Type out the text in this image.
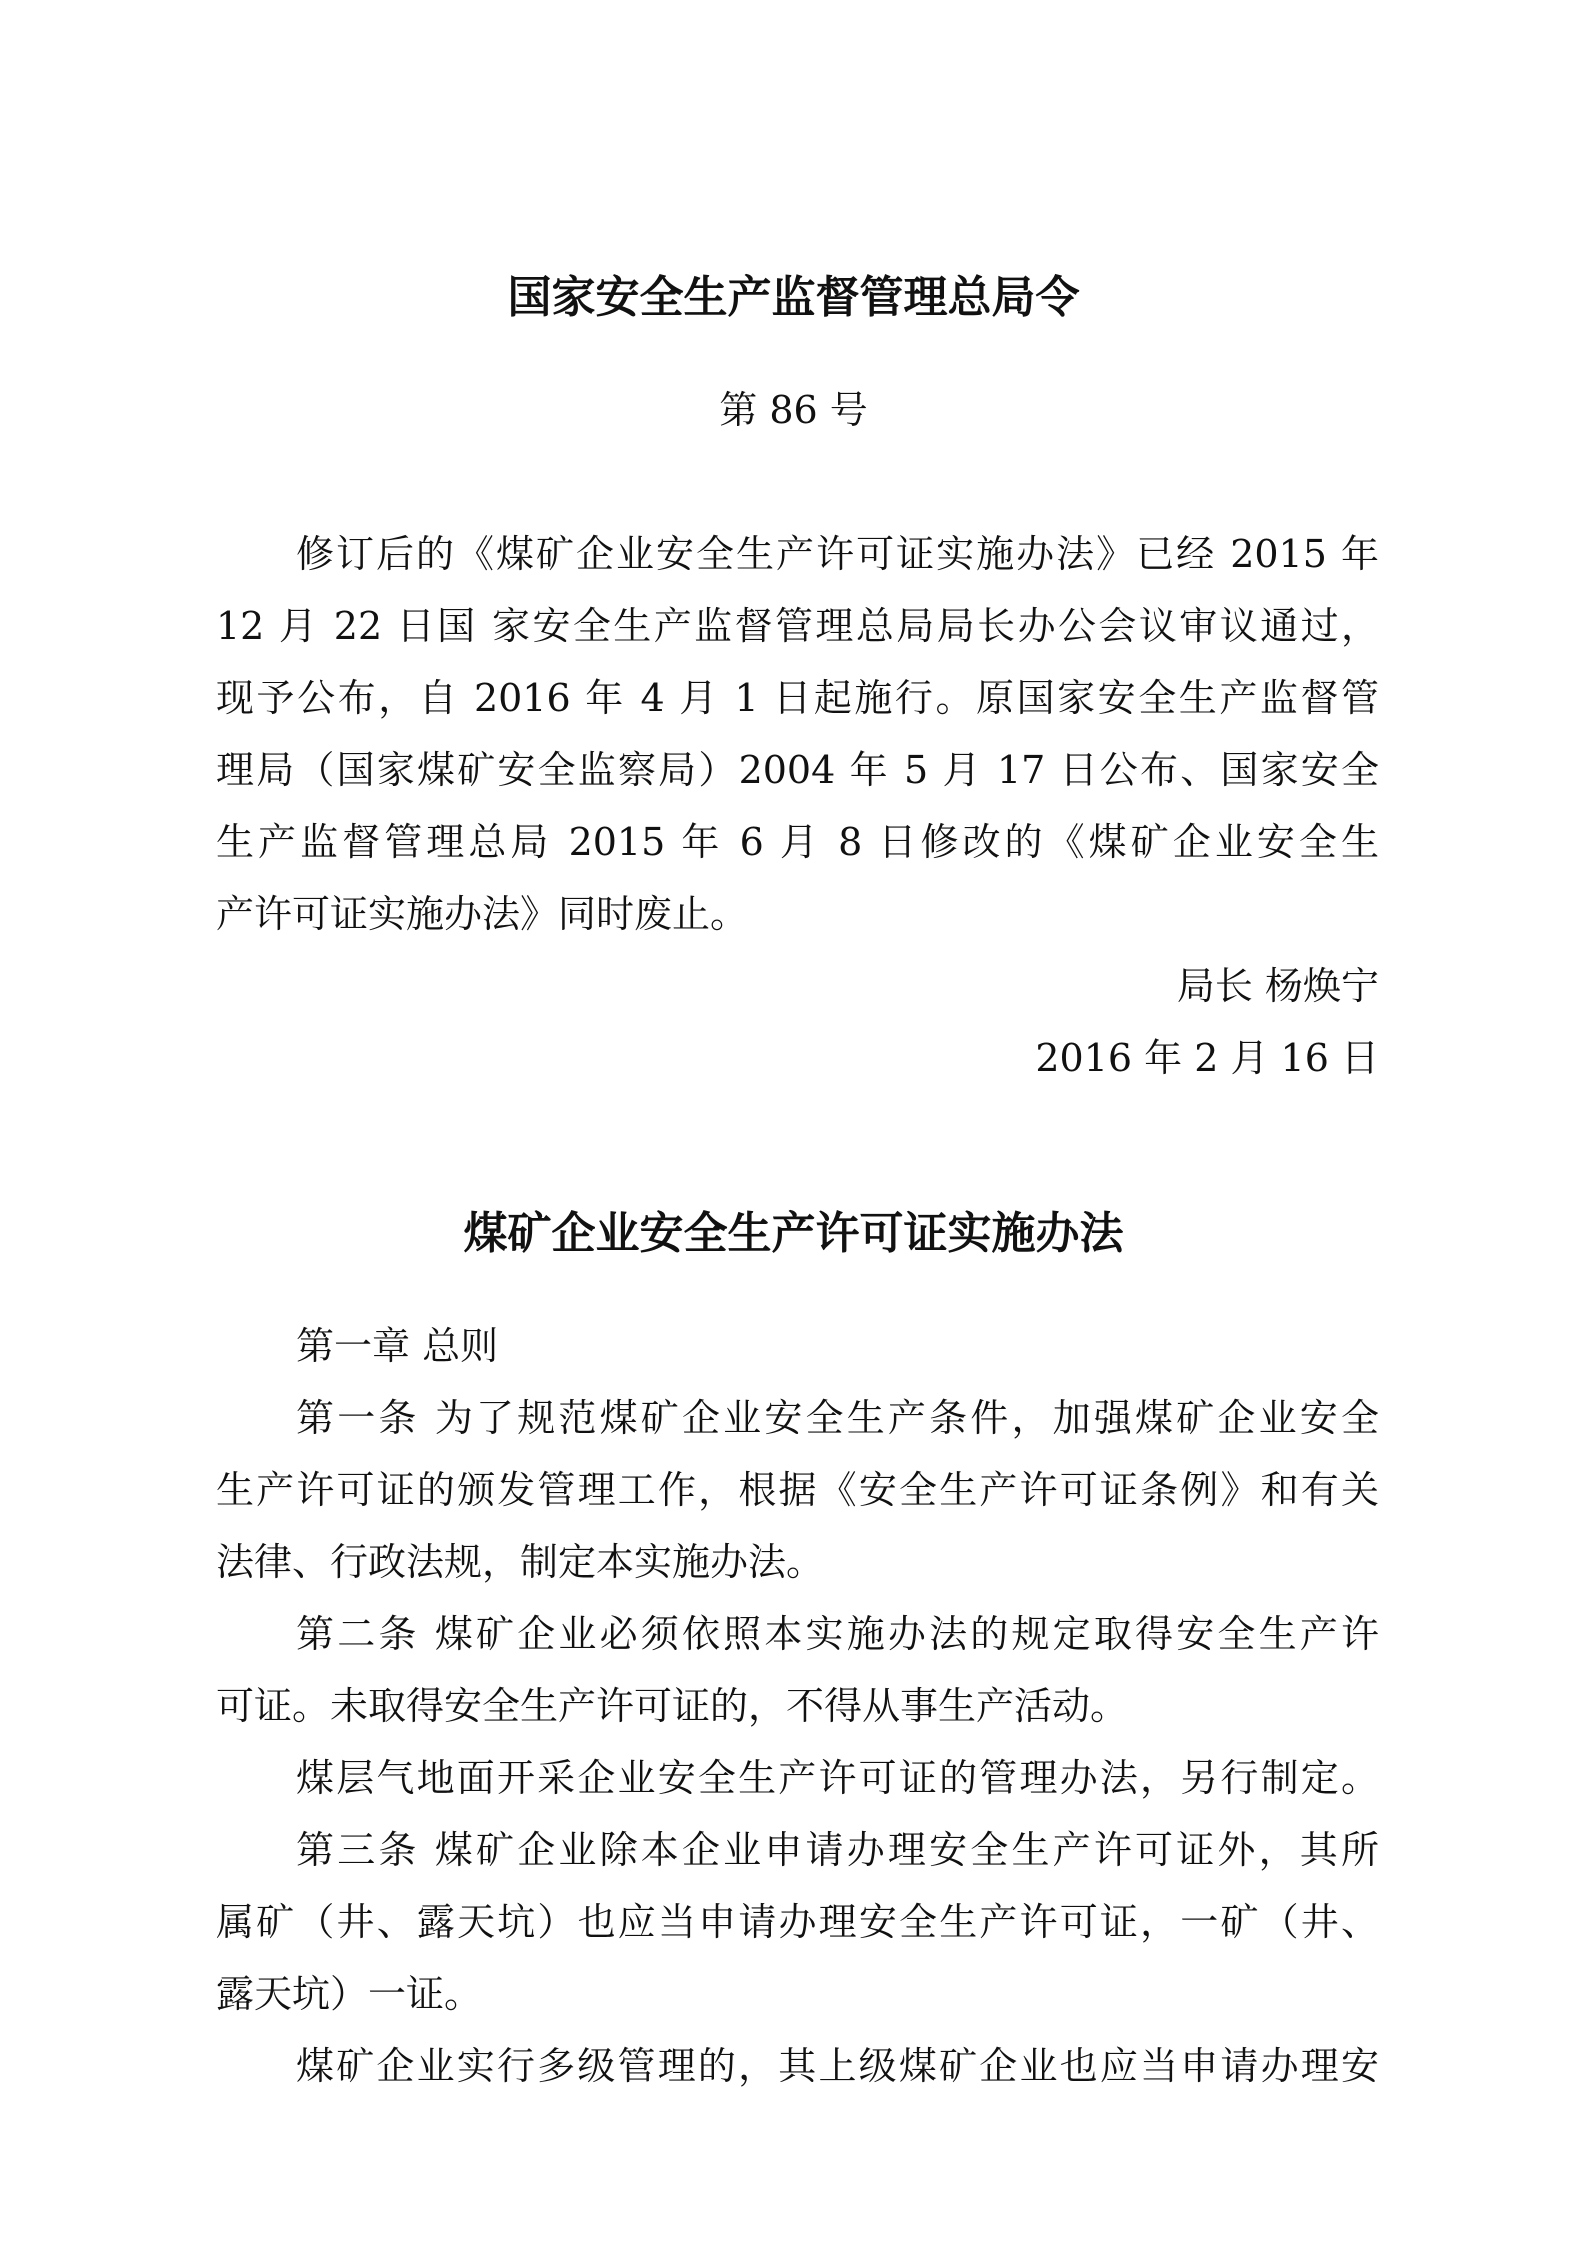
国家安全生产监督管理总局令
第 86 号
修订后的《煤矿企业安全生产许可证实施办法》已经 2015 年
12 月 22 日国 家安全生产监督管理总局局长办公会议审议通过，
现予公布，自 2016 年 4 月 1 日起施行。原国家安全生产监督管
理局（国家煤矿安全监察局）2004 年 5 月 17 日公布、国家安全
生产监督管理总局 2015 年 6 月 8 日修改的《煤矿企业安全生
产许可证实施办法》同时废止。
局长 杨焕宁
2016 年 2 月 16 日
煤矿企业安全生产许可证实施办法
第一章 总则
第一条 为了规范煤矿企业安全生产条件，加强煤矿企业安全
生产许可证的颁发管理工作，根据《安全生产许可证条例》和有关
法律、行政法规，制定本实施办法。
第二条 煤矿企业必须依照本实施办法的规定取得安全生产许
可证。未取得安全生产许可证的，不得从事生产活动。
煤层气地面开采企业安全生产许可证的管理办法，另行制定。
第三条 煤矿企业除本企业申请办理安全生产许可证外，其所
属矿（井、露天坑）也应当申请办理安全生产许可证，一矿（井、
露天坑）一证。
煤矿企业实行多级管理的，其上级煤矿企业也应当申请办理安
